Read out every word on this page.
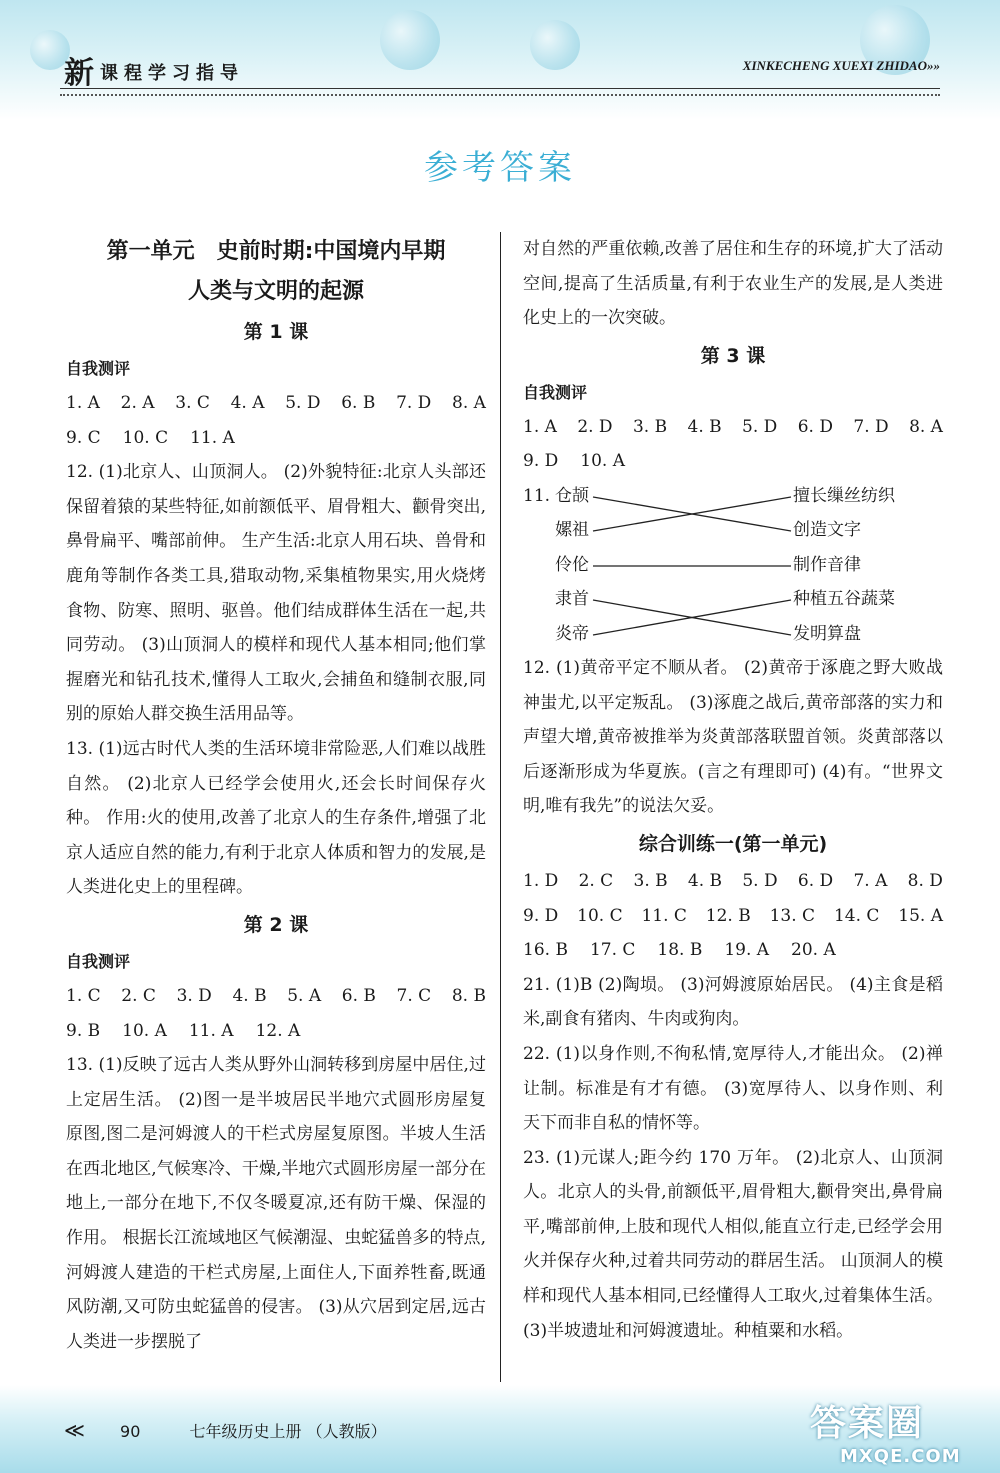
新课程学习指导	XINKECHENG XUEXI ZHIDAO»»
参考答案

第一单元　史前时期:中国境内早期

人类与文明的起源

第 1 课

自我测评

1. A 2. A 3. C 4. A 5. D 6. B 7. D 8. A

9. C 10. C 11. A

12. (1)北京人、山顶洞人。 (2)外貌特征:北京人头部还保留着猿的某些特征,如前额低平、眉骨粗大、颧骨突出,鼻骨扁平、嘴部前伸。 生产生活:北京人用石块、兽骨和鹿角等制作各类工具,猎取动物,采集植物果实,用火烧烤食物、防寒、照明、驱兽。他们结成群体生活在一起,共同劳动。 (3)山顶洞人的模样和现代人基本相同;他们掌握磨光和钻孔技术,懂得人工取火,会捕鱼和缝制衣服,同别的原始人群交换生活用品等。

13. (1)远古时代人类的生活环境非常险恶,人们难以战胜自然。 (2)北京人已经学会使用火,还会长时间保存火种。 作用:火的使用,改善了北京人的生存条件,增强了北京人适应自然的能力,有利于北京人体质和智力的发展,是人类进化史上的里程碑。

第 2 课

自我测评

1. C 2. C 3. D 4. B 5. A 6. B 7. C 8. B

9. B 10. A 11. A 12. A

13. (1)反映了远古人类从野外山洞转移到房屋中居住,过上定居生活。 (2)图一是半坡居民半地穴式圆形房屋复原图,图二是河姆渡人的干栏式房屋复原图。半坡人生活在西北地区,气候寒冷、干燥,半地穴式圆形房屋一部分在地上,一部分在地下,不仅冬暖夏凉,还有防干燥、保湿的作用。 根据长江流域地区气候潮湿、虫蛇猛兽多的特点,河姆渡人建造的干栏式房屋,上面住人,下面养牲畜,既通风防潮,又可防虫蛇猛兽的侵害。 (3)从穴居到定居,远古人类进一步摆脱了

对自然的严重依赖,改善了居住和生存的环境,扩大了活动空间,提高了生活质量,有利于农业生产的发展,是人类进化史上的一次突破。

第 3 课

自我测评

1. A 2. D 3. B 4. B 5. D 6. D 7. D 8. A

9. D 10. A

11. 仓颉
嫘祖
伶伦
隶首
炎帝
擅长缫丝纺织
创造文字
制作音律
种植五谷蔬菜
发明算盘

12. (1)黄帝平定不顺从者。 (2)黄帝于涿鹿之野大败战神蚩尤,以平定叛乱。 (3)涿鹿之战后,黄帝部落的实力和声望大增,黄帝被推举为炎黄部落联盟首领。炎黄部落以后逐渐形成为华夏族。(言之有理即可) (4)有。“世界文明,唯有我先”的说法欠妥。

综合训练一(第一单元)

1. D 2. C 3. B 4. B 5. D 6. D 7. A 8. D

9. D 10. C 11. C 12. B 13. C 14. C 15. A

16. B 17. C 18. B 19. A 20. A

21. (1)B (2)陶埙。 (3)河姆渡原始居民。 (4)主食是稻米,副食有猪肉、牛肉或狗肉。

22. (1)以身作则,不徇私情,宽厚待人,才能出众。 (2)禅让制。标准是有才有德。 (3)宽厚待人、以身作则、利天下而非自私的情怀等。

23. (1)元谋人;距今约 170 万年。 (2)北京人、山顶洞人。北京人的头骨,前额低平,眉骨粗大,颧骨突出,鼻骨扁平,嘴部前伸,上肢和现代人相似,能直立行走,已经学会用火并保存火种,过着共同劳动的群居生活。 山顶洞人的模样和现代人基本相同,已经懂得人工取火,过着集体生活。 (3)半坡遗址和河姆渡遗址。种植粟和水稻。

≪ 90	七年级历史上册 （人教版）	答案圈
MXQE.COM
